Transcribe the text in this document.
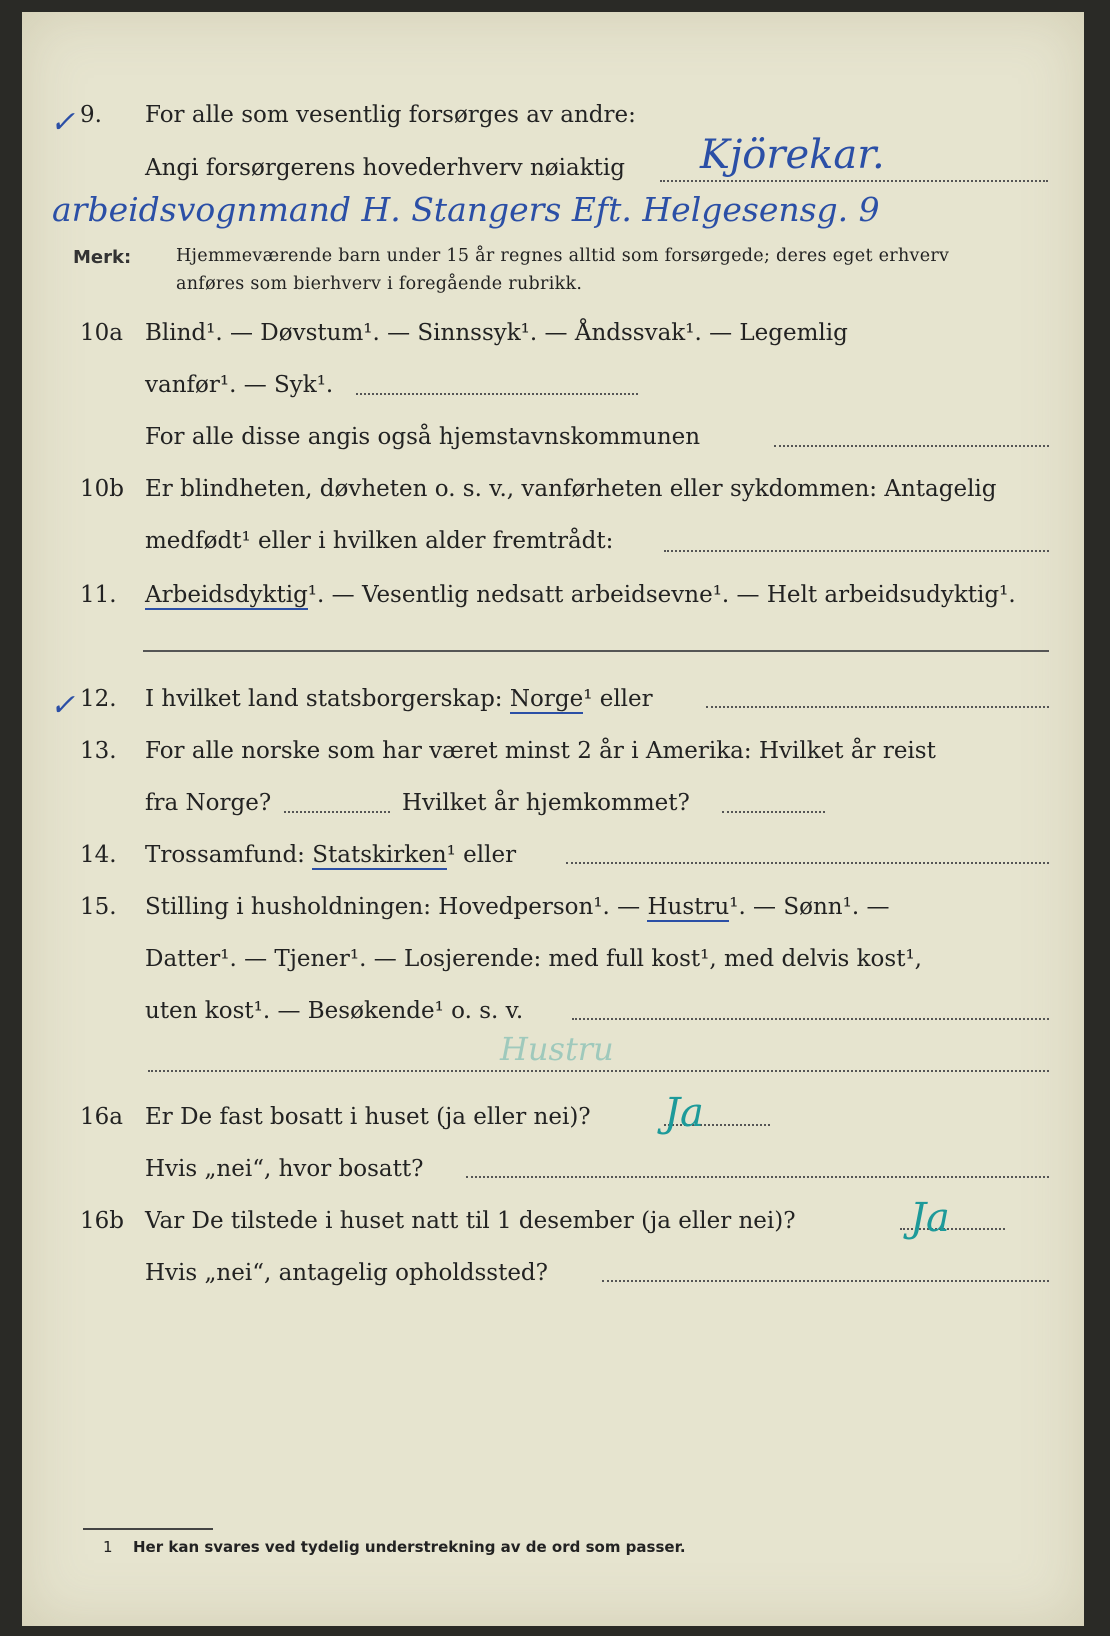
✓ 9. For alle som vesentlig forsørges av andre:
Angi forsørgerens hovederhverv nøiaktig Kjörekar.
arbeidsvognmand H. Stangers Eft. Helgesensg. 9
Merk:	Hjemmeværende barn under 15 år regnes alltid som forsørgede; deres eget erhverv
anføres som bierhverv i foregående rubrikk.
10a Blind¹. — Døvstum¹. — Sinnssyk¹. — Åndssvak¹. — Legemlig
vanfør¹. — Syk¹.
For alle disse angis også hjemstavnskommunen
10b Er blindheten, døvheten o. s. v., vanførheten eller sykdommen: Antagelig
medfødt¹ eller i hvilken alder fremtrådt:
11. Arbeidsdyktig¹. — Vesentlig nedsatt arbeidsevne¹. — Helt arbeidsudyktig¹.
✓ 12. I hvilket land statsborgerskap: Norge¹ eller
13. For alle norske som har været minst 2 år i Amerika: Hvilket år reist
fra Norge?	Hvilket år hjemkommet?
14. Trossamfund: Statskirken¹ eller
15. Stilling i husholdningen: Hovedperson¹. — Hustru¹. — Sønn¹. —
Datter¹. — Tjener¹. — Losjerende: med full kost¹, med delvis kost¹,
uten kost¹. — Besøkende¹ o. s. v.
Hustru
16a Er De fast bosatt i huset (ja eller nei)? Ja
Hvis „nei“, hvor bosatt?
16b Var De tilstede i huset natt til 1 desember (ja eller nei)?	Ja
Hvis „nei“, antagelig opholdssted?
1 Her kan svares ved tydelig understrekning av de ord som passer.
